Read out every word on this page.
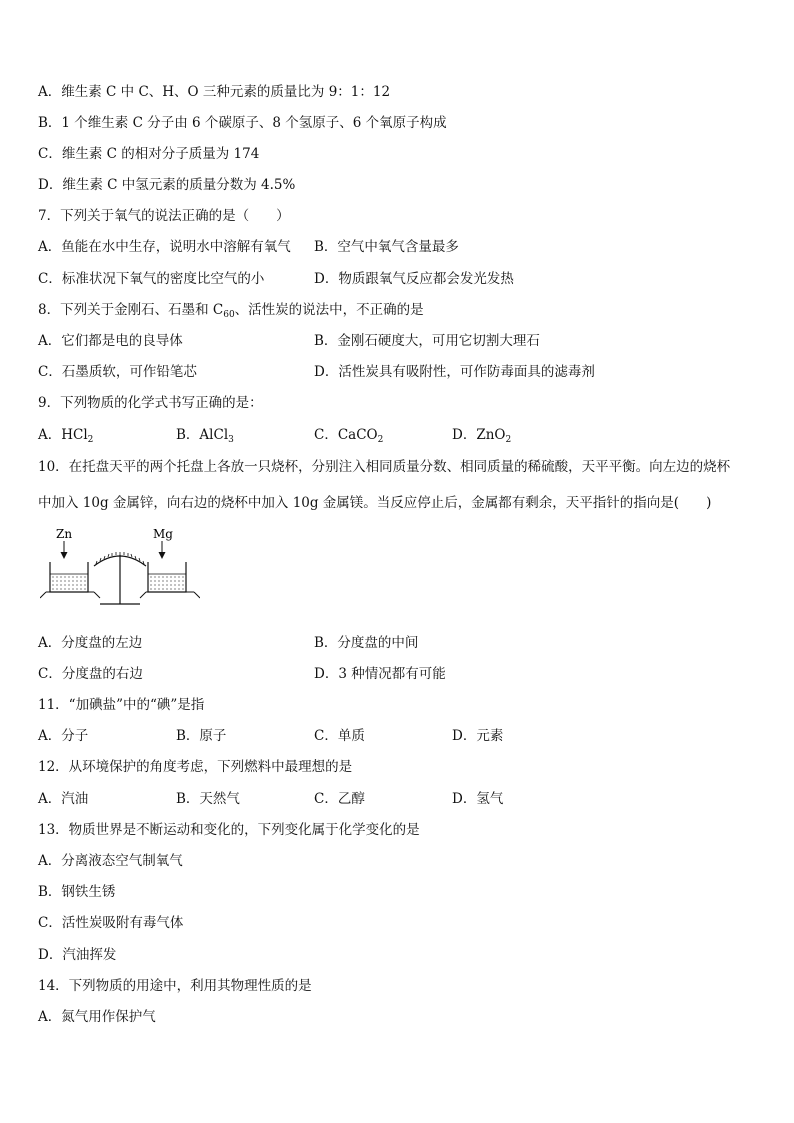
A．维生素 C 中 C、H、O 三种元素的质量比为 9：1：12
B．1 个维生素 C 分子由 6 个碳原子、8 个氢原子、6 个氧原子构成
C．维生素 C 的相对分子质量为 174
D．维生素 C 中氢元素的质量分数为 4.5%
7．下列关于氧气的说法正确的是（　　）
A．鱼能在水中生存，说明水中溶解有氧气 B．空气中氧气含量最多
C．标准状况下氧气的密度比空气的小	D．物质跟氧气反应都会发光发热
8．下列关于金刚石、石墨和 $C_{60}$、活性炭的说法中，不正确的是
A．它们都是电的良导体	B．金刚石硬度大，可用它切割大理石
C．石墨质软，可作铅笔芯	D．活性炭具有吸附性，可作防毒面具的滤毒剂
9．下列物质的化学式书写正确的是：
A．HCl$_2$	B．AlCl$_3$	C．CaCO$_2$	D．ZnO$_2$
10．在托盘天平的两个托盘上各放一只烧杯，分别注入相同质量分数、相同质量的稀硫酸，天平平衡。向左边的烧杯
中加入 10g 金属锌，向右边的烧杯中加入 10g 金属镁。当反应停止后，金属都有剩余，天平指针的指向是(　　)
Zn	Mg
A．分度盘的左边	B．分度盘的中间
C．分度盘的右边	D．3 种情况都有可能
11．“加碘盐”中的“碘”是指
A．分子	B．原子	C．单质	D．元素
12．从环境保护的角度考虑，下列燃料中最理想的是
A．汽油	B．天然气	C．乙醇	D．氢气
13．物质世界是不断运动和变化的，下列变化属于化学变化的是
A．分离液态空气制氧气
B．钢铁生锈
C．活性炭吸附有毒气体
D．汽油挥发
14．下列物质的用途中，利用其物理性质的是
A．氮气用作保护气
